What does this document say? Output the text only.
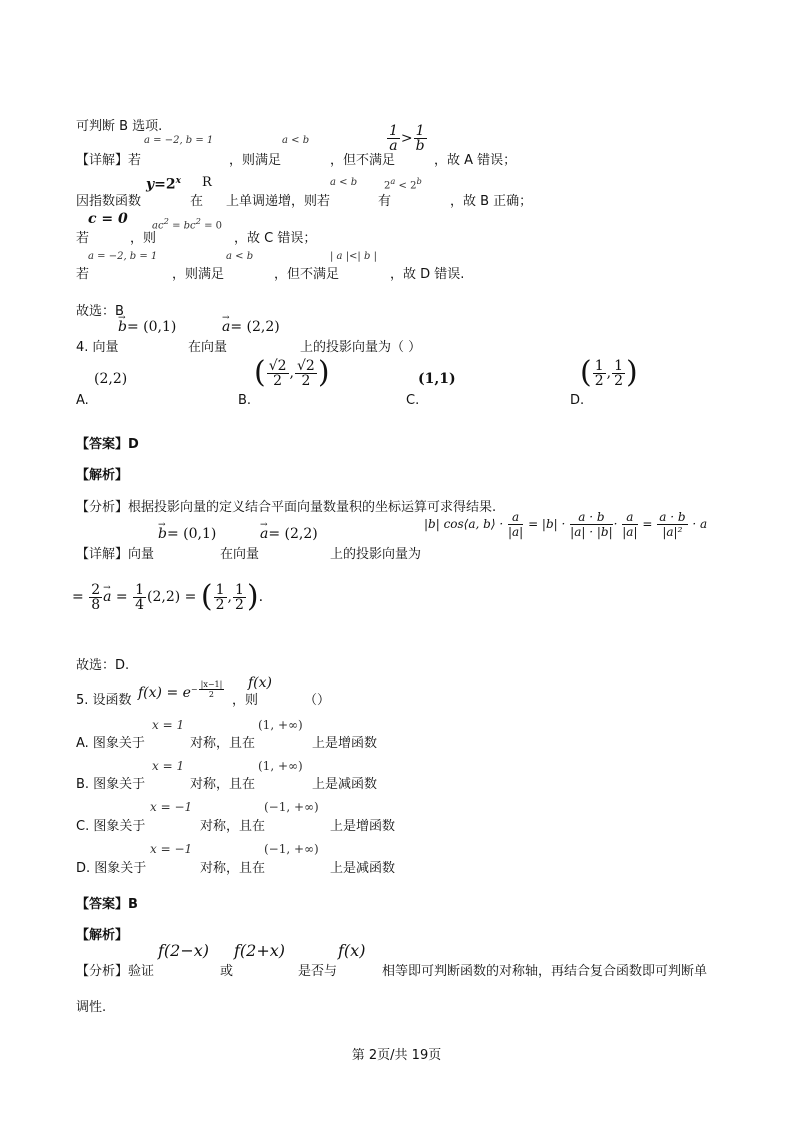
可判断 B 选项.
a = −2, b = 1	a < b	$\frac{1}{a} > \frac{1}{b}$
【详解】若	，则满足	，但不满足	，故 A 错误；
$y=2^x$ R	a < b	$2^a < 2^b$
因指数函数	在 上单调递增，则若	有	，故 B 正确；
c = 0 $ac^2 = bc^2 = 0$
若	，则	，故 C 错误；
a = −2, b = 1	a < b	| a |<| b |
若	，则满足	，但不满足	，故 D 错误.
故选：B
→ b= (0,1)
→	a= (2,2)
4. 向量	在向量	上的投影向量为（ ）
(2,2)
A.
( $\frac{√2}{2}$ , $\frac{√2}{2}$ )
B.
(1,1)
C.
( $\frac{1}{2}$ , $\frac{1}{2}$ )
D.
【答案】D
【解析】
【分析】根据投影向量的定义结合平面向量数量积的坐标运算可求得结果.
→ b= (0,1)
→	a= (2,2)
【详解】向量	在向量	上的投影向量为
|b| cos⟨a, b⟩ · $\frac{a}{|a|} = |b| \cdot \frac{a \cdot b}{|a| \cdot |b|} \cdot \frac{a}{|a|} = \frac{a \cdot b}{\text{|a|²}} \cdot a$
= $\frac{2}{8}$
→ $a = \frac{1}{4} (2,2)$ = ( $\frac{1}{2}$ , $\frac{1}{2}$ ).
故选：D.
$f(x) = e^{- \frac{|x-1|}{2}}$ f(x)
5. 设函数	，则	（）
x = 1	(1, +∞)
A. 图象关于	对称，且在	上是增函数
x = 1	(1, +∞)
B. 图象关于	对称，且在	上是减函数
x = −1	(−1, +∞)
C. 图象关于	对称，且在	上是增函数
x = −1	(−1, +∞)
D. 图象关于	对称，且在	上是减函数
【答案】B
【解析】
f(2−x) f(2+x)	f(x)
【分析】验证	或	是否与	相等即可判断函数的对称轴，再结合复合函数即可判断单
调性.
第 2页/共 19页
